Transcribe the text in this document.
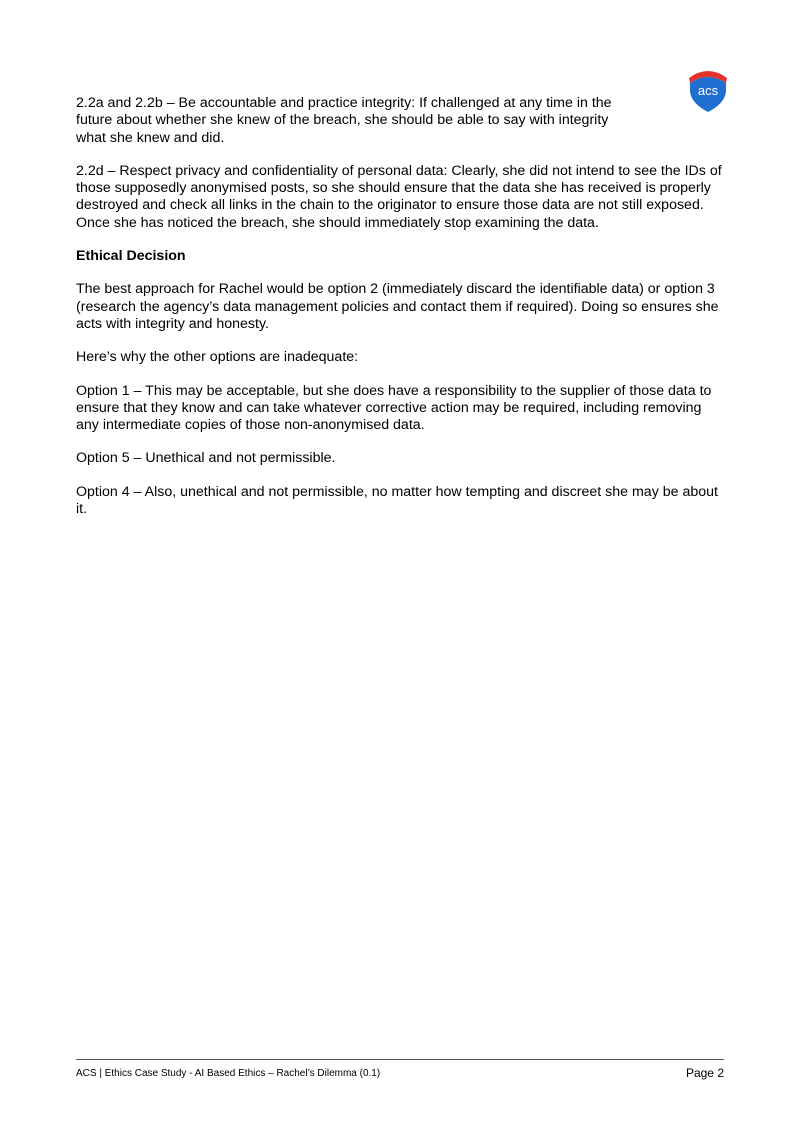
acs

2.2a and 2.2b – Be accountable and practice integrity: If challenged at any time in the future about whether she knew of the breach, she should be able to say with integrity what she knew and did.

2.2d – Respect privacy and confidentiality of personal data: Clearly, she did not intend to see the IDs of those supposedly anonymised posts, so she should ensure that the data she has received is properly destroyed and check all links in the chain to the originator to ensure those data are not still exposed. Once she has noticed the breach, she should immediately stop examining the data.

Ethical Decision

The best approach for Rachel would be option 2 (immediately discard the identifiable data) or option 3 (research the agency’s data management policies and contact them if required). Doing so ensures she acts with integrity and honesty.

Here’s why the other options are inadequate:

Option 1 – This may be acceptable, but she does have a responsibility to the supplier of those data to ensure that they know and can take whatever corrective action may be required, including removing any intermediate copies of those non-anonymised data.

Option 5 – Unethical and not permissible.

Option 4 – Also, unethical and not permissible, no matter how tempting and discreet she may be about it.

ACS | Ethics Case Study - AI Based Ethics – Rachel’s Dilemma (0.1)	Page 2
